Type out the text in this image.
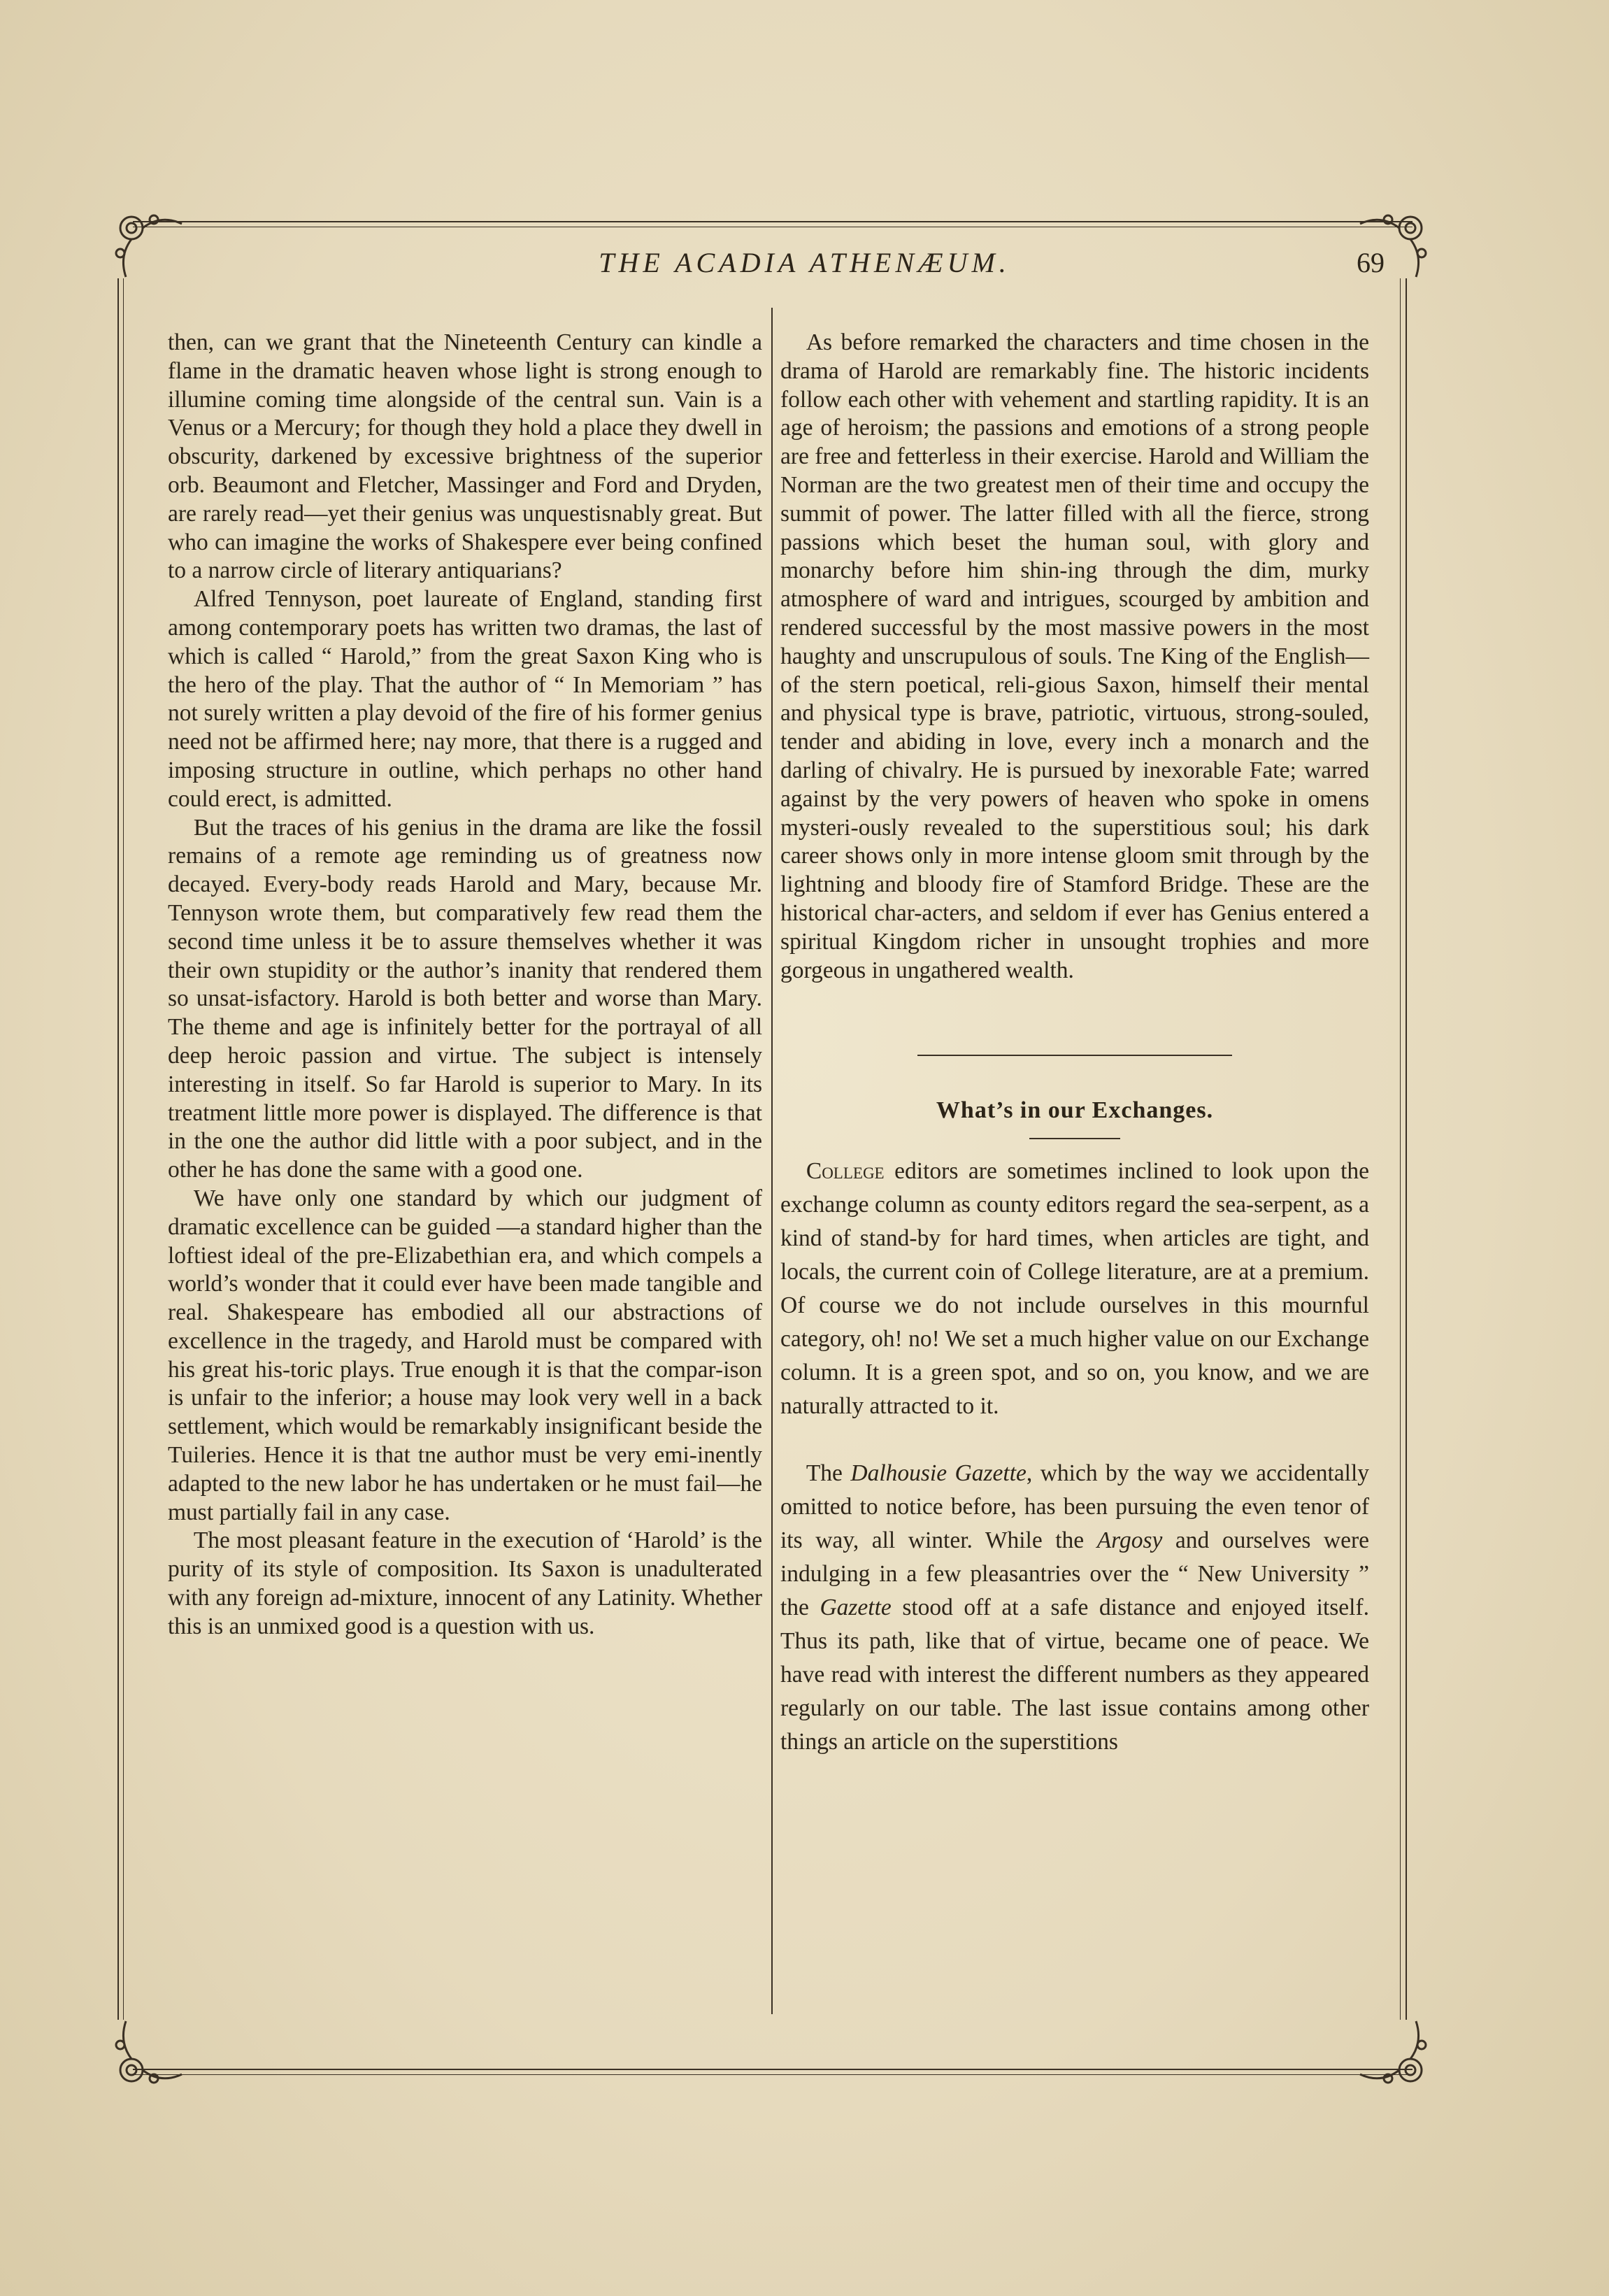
THE ACADIA ATHENÆUM.	69

then, can we grant that the Nineteenth Century can kindle a flame in the dramatic heaven whose light is strong enough to illumine coming time alongside of the central sun. Vain is a Venus or a Mercury; for though they hold a place they dwell in obscurity, darkened by excessive brightness of the superior orb. Beaumont and Fletcher, Massinger and Ford and Dryden, are rarely read—yet their genius was unquestisnably great. But who can imagine the works of Shakespere ever being confined to a narrow circle of literary antiquarians?

Alfred Tennyson, poet laureate of England, standing first among contemporary poets has written two dramas, the last of which is called “ Harold,” from the great Saxon King who is the hero of the play. That the author of “ In Memoriam ” has not surely written a play devoid of the fire of his former genius need not be affirmed here; nay more, that there is a rugged and imposing structure in outline, which perhaps no other hand could erect, is admitted.

But the traces of his genius in the drama are like the fossil remains of a remote age reminding us of greatness now decayed. Every-body reads Harold and Mary, because Mr. Tennyson wrote them, but comparatively few read them the second time unless it be to assure themselves whether it was their own stupidity or the author’s inanity that rendered them so unsat-isfactory. Harold is both better and worse than Mary. The theme and age is infinitely better for the portrayal of all deep heroic passion and virtue. The subject is intensely interesting in itself. So far Harold is superior to Mary. In its treatment little more power is displayed. The difference is that in the one the author did little with a poor subject, and in the other he has done the same with a good one.

We have only one standard by which our judgment of dramatic excellence can be guided —a standard higher than the loftiest ideal of the pre-Elizabethian era, and which compels a world’s wonder that it could ever have been made tangible and real. Shakespeare has embodied all our abstractions of excellence in the tragedy, and Harold must be compared with his great his-toric plays. True enough it is that the compar-ison is unfair to the inferior; a house may look very well in a back settlement, which would be remarkably insignificant beside the Tuileries. Hence it is that tne author must be very emi-inently adapted to the new labor he has undertaken or he must fail—he must partially fail in any case.

The most pleasant feature in the execution of ‘Harold’ is the purity of its style of composition. Its Saxon is unadulterated with any foreign ad-mixture, innocent of any Latinity. Whether this is an unmixed good is a question with us.

As before remarked the characters and time chosen in the drama of Harold are remarkably fine. The historic incidents follow each other with vehement and startling rapidity. It is an age of heroism; the passions and emotions of a strong people are free and fetterless in their exercise. Harold and William the Norman are the two greatest men of their time and occupy the summit of power. The latter filled with all the fierce, strong passions which beset the human soul, with glory and monarchy before him shin-ing through the dim, murky atmosphere of ward and intrigues, scourged by ambition and rendered successful by the most massive powers in the most haughty and unscrupulous of souls. Tne King of the English—of the stern poetical, reli-gious Saxon, himself their mental and physical type is brave, patriotic, virtuous, strong-souled, tender and abiding in love, every inch a monarch and the darling of chivalry. He is pursued by inexorable Fate; warred against by the very powers of heaven who spoke in omens mysteri-ously revealed to the superstitious soul; his dark career shows only in more intense gloom smit through by the lightning and bloody fire of Stamford Bridge. These are the historical char-acters, and seldom if ever has Genius entered a spiritual Kingdom richer in unsought trophies and more gorgeous in ungathered wealth.

What’s in our Exchanges.

College editors are sometimes inclined to look upon the exchange column as county editors regard the sea-serpent, as a kind of stand-by for hard times, when articles are tight, and locals, the current coin of College literature, are at a premium. Of course we do not include ourselves in this mournful category, oh! no! We set a much higher value on our Exchange column. It is a green spot, and so on, you know, and we are naturally attracted to it.

The Dalhousie Gazette, which by the way we accidentally omitted to notice before, has been pursuing the even tenor of its way, all winter. While the Argosy and ourselves were indulging in a few pleasantries over the “ New University ” the Gazette stood off at a safe distance and enjoyed itself. Thus its path, like that of virtue, became one of peace. We have read with interest the different numbers as they appeared regularly on our table. The last issue contains among other things an article on the superstitions
